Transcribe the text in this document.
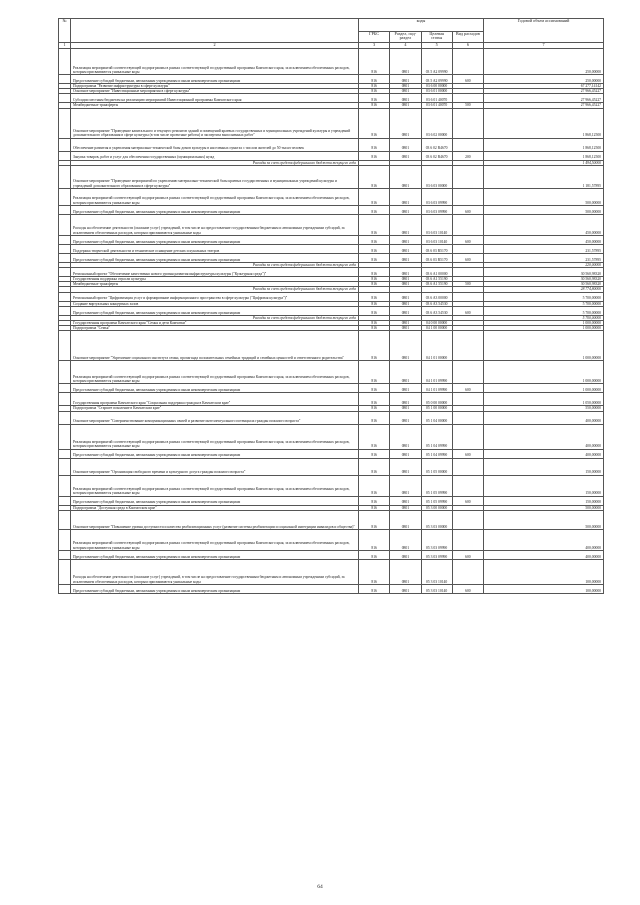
№		коды				Годовой объем ассигнований
		ГРБС	Раздел, под-раздел	Целевая статья	Вид расходов	
1	2	3	4	5	6	7
	Реализация мероприятий соответствующей подпрограммы в рамках соответствующей государственной программы Камчатского края, за исключением обеспеченных расходов, которым присваиваются уникальные коды	816	0801	03 5 A2 09990		250,00000
	Предоставление субсидий бюджетным, автономным учреждениям и иным некоммерческим организациям	816	0801	03 5 A2 09990	600	250,00000
	Подпрограмма "Развитие инфраструктуры в сфере культуры"	816	0801	03 6 00 00000		67 277,14142
	Основное мероприятие "Инвестиционные мероприятия в сфере культуры"	816	0801	03 6 01 00000		27 966,45227
	Субсидии местным бюджетам на реализацию мероприятий Инвестиционной программы Камчатского края	816	0801	03 6 01 40070		27 966,45227
	Межбюджетные трансферты	816	0801	03 6 01 40070	500	27 966,45227
	Основное мероприятие "Проведение капитального и текущего ремонтов зданий и помещений краевых государственных и муниципальных учреждений культуры и учреждений дополнительного образования в сфере культуры (в том числе проектные работы) и экспертиза выполненных работ"	816	0801	03 6 02 00000		1 868,12500
	Обеспечение развития и укрепления материально-технической базы домов культуры в населенных пунктах с числом жителей до 50 тысяч человек	816	0801	03 6 02 R4670		1 868,12500
	Закупка товаров, работ и услуг для обеспечения государственных (муниципальных) нужд	816	0801	03 6 02 R4670	200	1 868,12500
	Расходы за счет средств федерального бюджета текущего года					1 494,50000
	Основное мероприятие "Проведение мероприятий по укреплению материально-технической базы краевых государственных и муниципальных учреждений культуры и учреждений дополнительного образования в сфере культуры"	816	0801	03 6 03 00000		1 181,57895
	Реализация мероприятий соответствующей подпрограммы в рамках соответствующей государственной программы Камчатского края, за исключением обеспеченных расходов, которым присваиваются уникальные коды	816	0801	03 6 03 09990		500,00000
	Предоставление субсидий бюджетным, автономным учреждениям и иным некоммерческим организациям	816	0801	03 6 03 09990	600	500,00000
	Расходы на обеспечение деятельности (оказание услуг) учреждений, в том числе на предоставление государственным бюджетным и автономным учреждениям субсидий, за исключением обеспеченных расходов, которым присваиваются уникальные коды	816	0801	03 6 03 10140		450,00000
	Предоставление субсидий бюджетным, автономным учреждениям и иным некоммерческим организациям	816	0801	03 6 03 10140	600	450,00000
	Поддержка творческой деятельности и техническое оснащение детских и кукольных театров	816	0801	03 6 03 R5170		231,57895
	Предоставление субсидий бюджетным, автономным учреждениям и иным некоммерческим организациям	816	0801	03 6 03 R5170	600	231,57895
	Расходы за счет средств федерального бюджета текущего года					220,00000
	Региональный проект "Обеспечение качественно нового уровня развития инфраструктуры культуры ("Культурная среда")"	816	0801	03 6 A1 00000		30 560,98320
	Государственная поддержка отрасли культуры	816	0801	03 6 A1 55190		30 560,98320
	Межбюджетные трансферты	816	0801	03 6 A1 55190	500	30 560,98320
	Расходы за счет средств федерального бюджета текущего года					28 774,80000
	Региональный проект "Цифровизация услуг и формирование информационного пространства в сфере культуры ("Цифровая культура")"	816	0801	03 6 A3 00000		5 700,00000
	Создание виртуальных концертных залов	816	0801	03 6 A3 54530		5 700,00000
	Предоставление субсидий бюджетным, автономным учреждениям и иным некоммерческим организациям	816	0801	03 6 A3 54530	600	5 700,00000
	Расходы за счет средств федерального бюджета текущего года					5 700,00000
	Государственная программа Камчатского края "Семья и дети Камчатки"	816	0801	04 0 00 00000		1 000,00000
	Подпрограмма "Семья"	816	0801	04 1 00 00000		1 000,00000
	Основное мероприятие "Укрепление социального института семьи, пропаганда положительных семейных традиций и семейных ценностей и ответственного родительства"	816	0801	04 1 01 00000		1 000,00000
	Реализация мероприятий соответствующей подпрограммы в рамках соответствующей государственной программы Камчатского края, за исключением обеспеченных расходов, которым присваиваются уникальные коды	816	0801	04 1 01 09990		1 000,00000
	Предоставление субсидий бюджетным, автономным учреждениям и иным некоммерческим организациям	816	0801	04 1 01 09990	600	1 000,00000
	Государственная программа Камчатского края "Социальная поддержка граждан в Камчатском крае"	816	0801	05 0 00 00000		1 050,00000
	Подпрограмма "Старшее поколение в Камчатском крае"	816	0801	05 1 00 00000		550,00000
	Основное мероприятие "Совершенствование коммуникационных связей и развитие интеллектуального потенциала граждан пожилого возраста"	816	0801	05 1 04 00000		400,00000
	Реализация мероприятий соответствующей подпрограммы в рамках соответствующей государственной программы Камчатского края, за исключением обеспеченных расходов, которым присваиваются уникальные коды	816	0801	05 1 04 09990		400,00000
	Предоставление субсидий бюджетным, автономным учреждениям и иным некоммерческим организациям	816	0801	05 1 04 09990	600	400,00000
	Основное мероприятие "Организация свободного времени и культурного досуга граждан пожилого возраста"	816	0801	05 1 05 00000		150,00000
	Реализация мероприятий соответствующей подпрограммы в рамках соответствующей государственной программы Камчатского края, за исключением обеспеченных расходов, которым присваиваются уникальные коды	816	0801	05 1 05 09990		150,00000
	Предоставление субсидий бюджетным, автономным учреждениям и иным некоммерческим организациям	816	0801	05 1 05 09990	600	150,00000
	Подпрограмма "Доступная среда в Камчатском крае"	816	0801	05 3 00 00000		500,00000
	Основное мероприятие "Повышение уровня доступности и качества реабилитационных услуг (развитие системы реабилитации и социальной интеграции инвалидов и общества)"	816	0801	05 3 03 00000		500,00000
	Реализация мероприятий соответствующей подпрограммы в рамках соответствующей государственной программы Камчатского края, за исключением обеспеченных расходов, которым присваиваются уникальные коды	816	0801	05 3 03 09990		400,00000
	Предоставление субсидий бюджетным, автономным учреждениям и иным некоммерческим организациям	816	0801	05 3 03 09990	600	400,00000
	Расходы на обеспечение деятельности (оказание услуг) учреждений, в том числе на предоставление государственным бюджетным и автономным учреждениям субсидий, за исключением обеспеченных расходов, которым присваиваются уникальные коды	816	0801	05 3 03 10140		100,00000
	Предоставление субсидий бюджетным, автономным учреждениям и иным некоммерческим организациям	816	0801	05 3 03 10140	600	100,00000
64
